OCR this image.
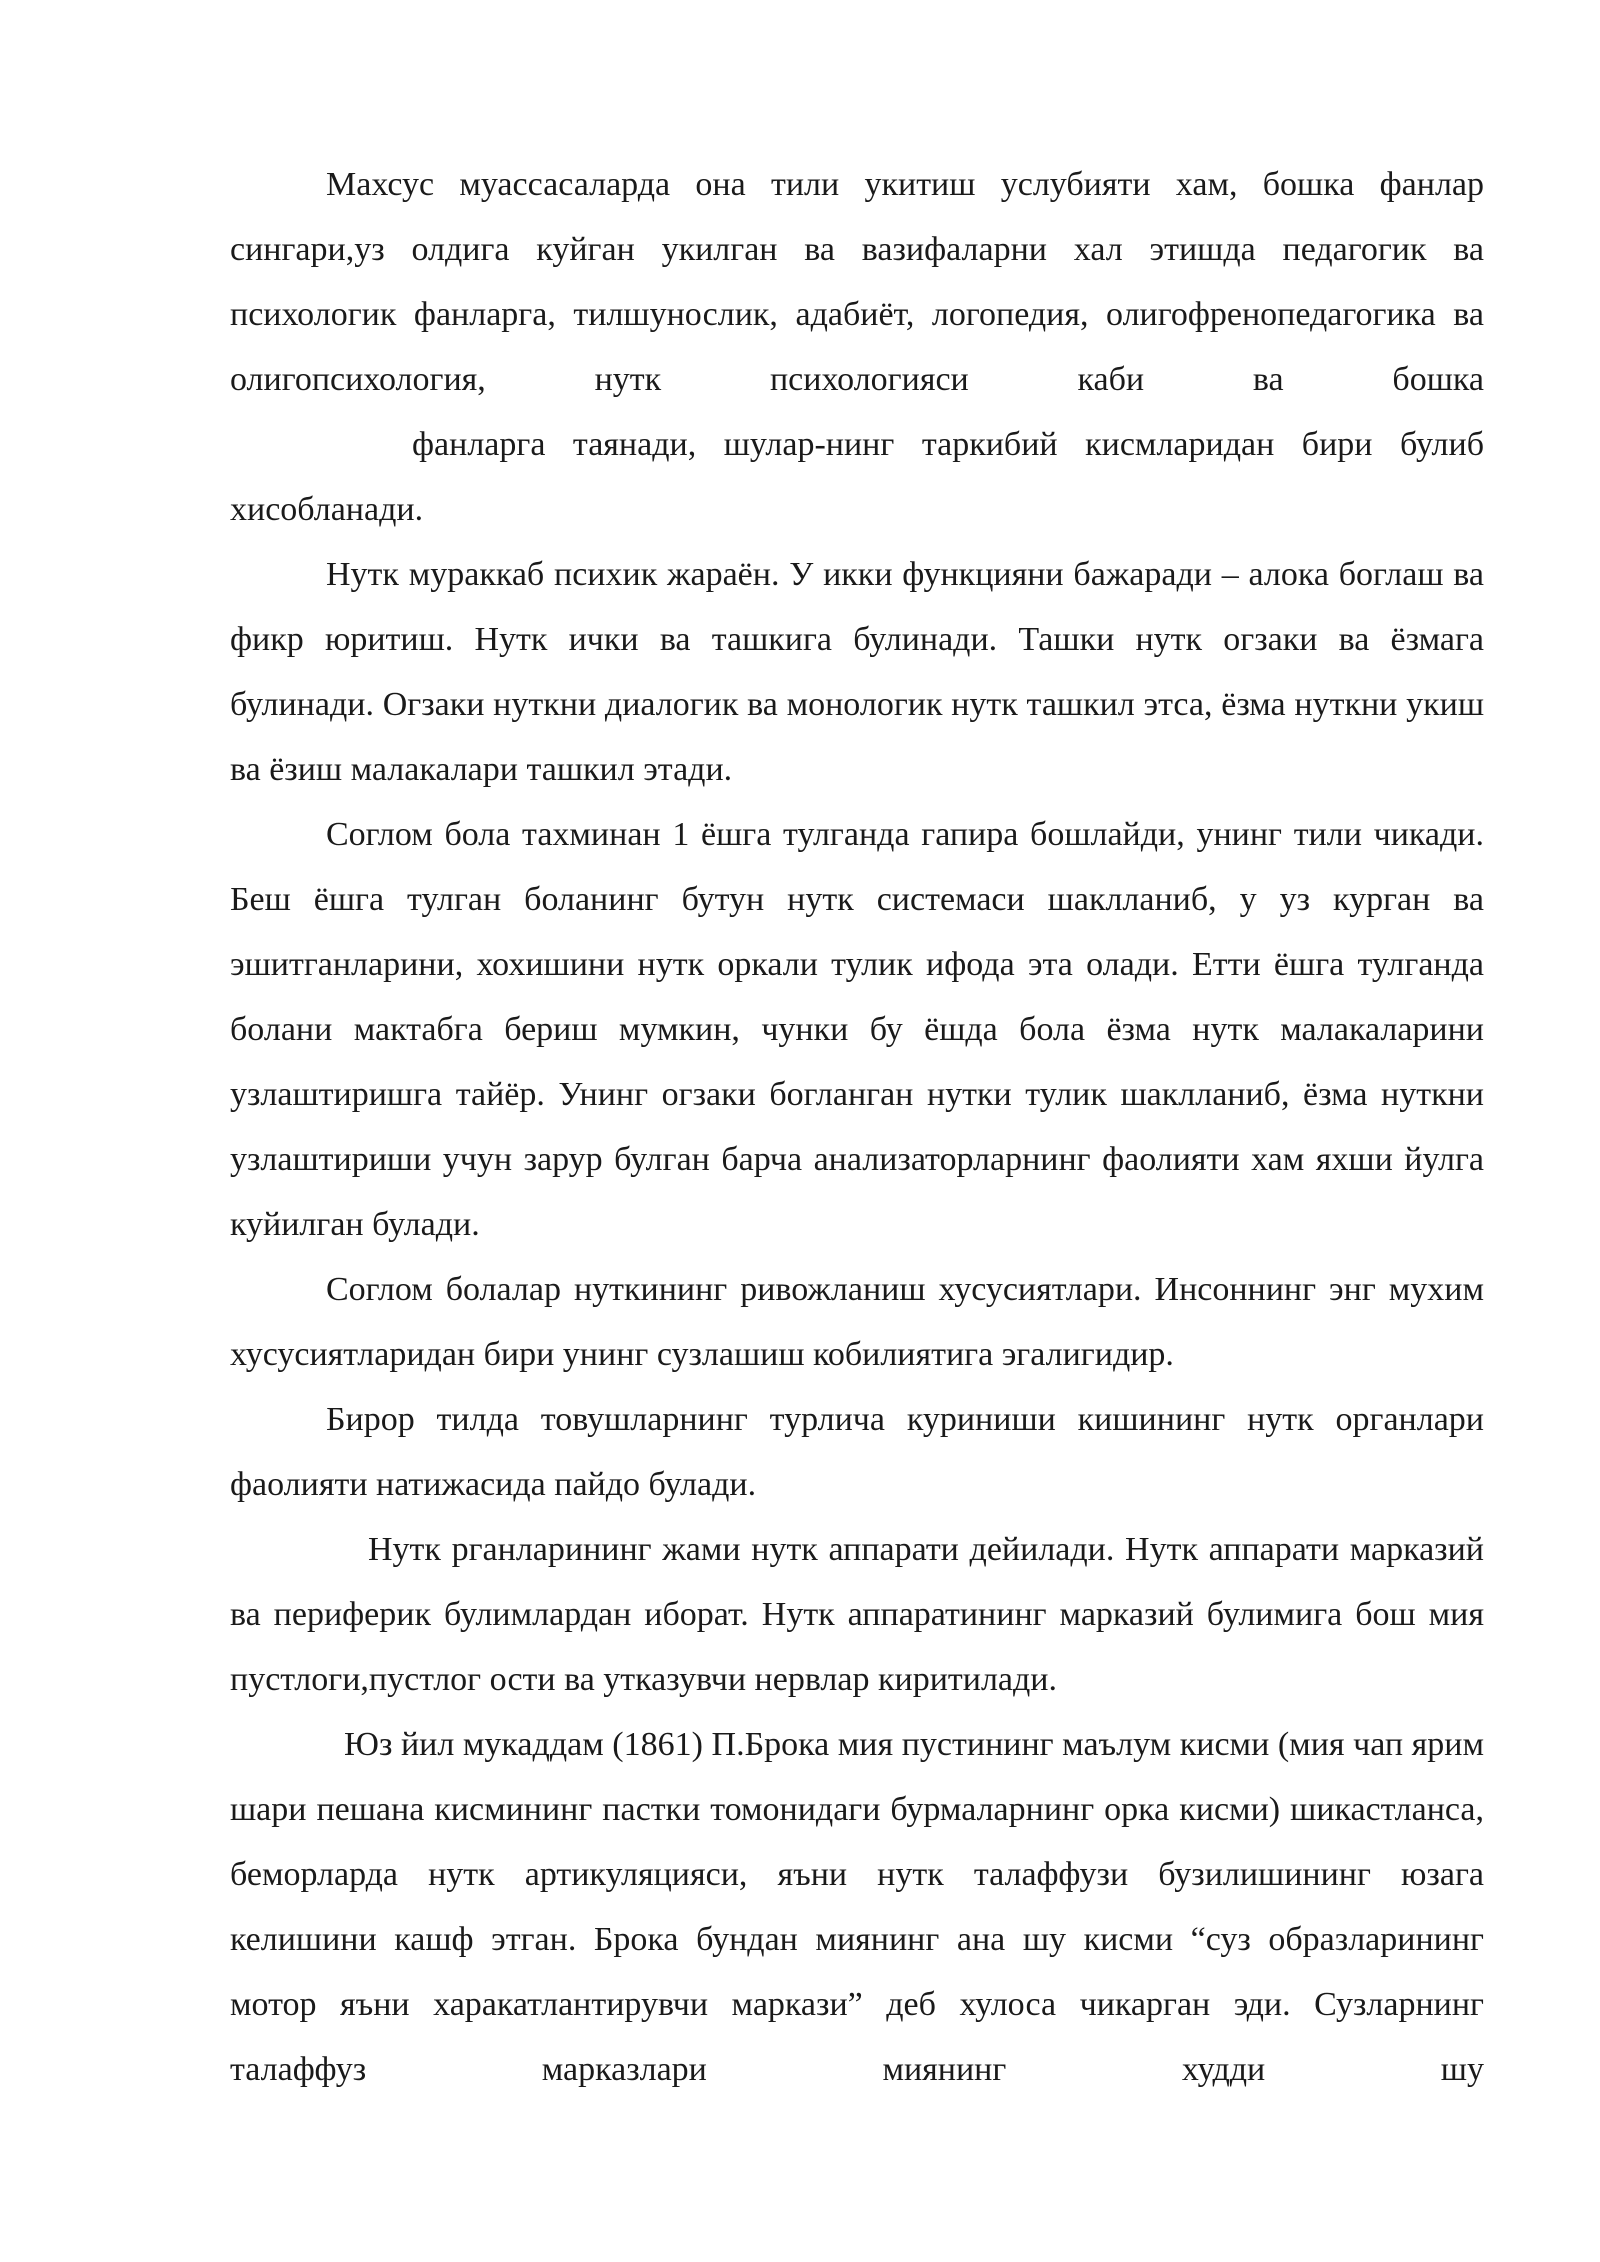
Махсус муассасаларда она тили укитиш услубияти хам, бошка фанлар сингари,уз олдига куйган укилган ва вазифаларни хал этишда педагогик ва психологик фанларга, тилшунослик, адабиёт, логопедия, олигофренопедагогика ва олигопсихология, нутк психологияси каби ва бошка

фанларга таянади, шулар-нинг таркибий кисмларидан бири булиб хисобланади.

Нутк мураккаб психик жараён. У икки функцияни бажаради – алока боглаш ва фикр юритиш. Нутк ички ва ташкига булинади. Ташки нутк огзаки ва ёзмага булинади. Огзаки нуткни диалогик ва монологик нутк ташкил этса, ёзма нуткни укиш ва ёзиш малакалари ташкил этади.

Соглом бола тахминан 1 ёшга тулганда гапира бошлайди, унинг тили чикади. Беш ёшга тулган боланинг бутун нутк системаси шаклланиб, у уз курган ва эшитганларини, хохишини нутк оркали тулик ифода эта олади. Етти ёшга тулганда болани мактабга бериш мумкин, чунки бу ёшда бола ёзма нутк малакаларини узлаштиришга тайёр. Унинг огзаки богланган нутки тулик шаклланиб, ёзма нуткни узлаштириши учун зарур булган барча анализаторларнинг фаолияти хам яхши йулга куйилган булади.

Соглом болалар нуткининг ривожланиш хусусиятлари. Инсоннинг энг мухим хусусиятларидан бири унинг сузлашиш кобилиятига эгалигидир.

Бирор тилда товушларнинг турлича куриниши кишининг нутк органлари фаолияти натижасида пайдо булади.

Нутк рганларининг жами нутк аппарати дейилади. Нутк аппарати марказий ва периферик булимлардан иборат. Нутк аппаратининг марказий булимига бош мия пустлоги,пустлог ости ва утказувчи нервлар киритилади.

Юз йил мукаддам (1861) П.Брока мия пустининг маълум кисми (мия чап ярим шари пешана кисмининг пастки томонидаги бурмаларнинг орка кисми) шикастланса, беморларда нутк артикуляцияси, яъни нутк талаффузи бузилишининг юзага келишини кашф этган. Брока бундан миянинг ана шу кисми “суз образларининг мотор яъни харакатлантирувчи маркази” деб хулоса чикарган эди. Сузларнинг талаффуз марказлари миянинг худди шу
